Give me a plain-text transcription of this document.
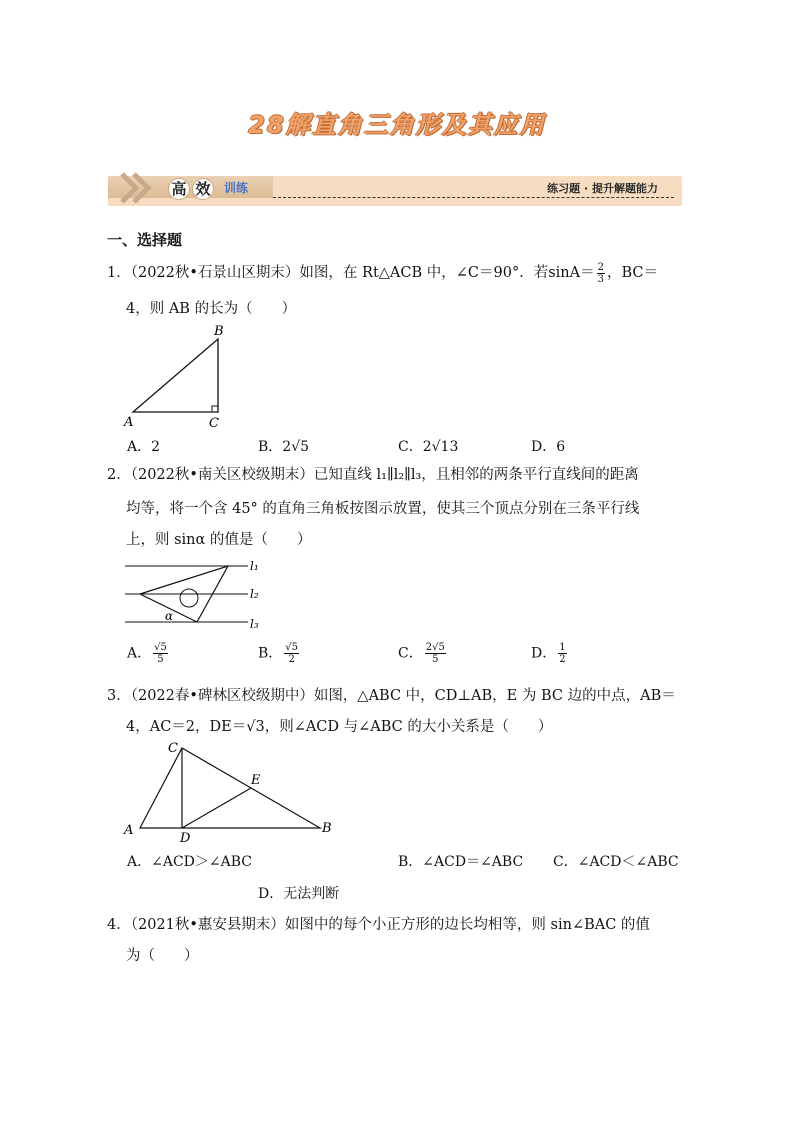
28解直角三角形及其应用
高 效	训练	练习题 · 提升解题能力
一、选择题
1．（2022秋•石景山区期末）如图，在 Rt△ACB 中，∠C＝90°．若$\sin A= \frac{2}{3}$ ，BC＝
4，则 AB 的长为（　　）
B
A	C
A．2	B．2√5	C．2√13	D．6
2．（2022秋•南关区校级期末）已知直线 l₁∥l₂∥l₃，且相邻的两条平行直线间的距离
均等，将一个含 45° 的直角三角板按图示放置，使其三个顶点分别在三条平行线
上，则 sinα 的值是（　　）
l₁
l₂
l₃
α
A． $\frac{√5}{5}$	B． $\frac{√5}{2}$	C． $\frac{2√5}{5}$	D． $\frac{1}{2}$
3．（2022春•碑林区校级期中）如图，△ABC 中，CD⊥AB，E 为 BC 边的中点，AB＝
4，AC＝2，DE＝√3，则∠ACD 与∠ABC 的大小关系是（　　）
C
E
A
D
B
A．∠ACD＞∠ABC	B．∠ACD＝∠ABC C．∠ACD＜∠ABC
D．无法判断
4．（2021秋•惠安县期末）如图中的每个小正方形的边长均相等，则 sin∠BAC 的值
为（　　）
